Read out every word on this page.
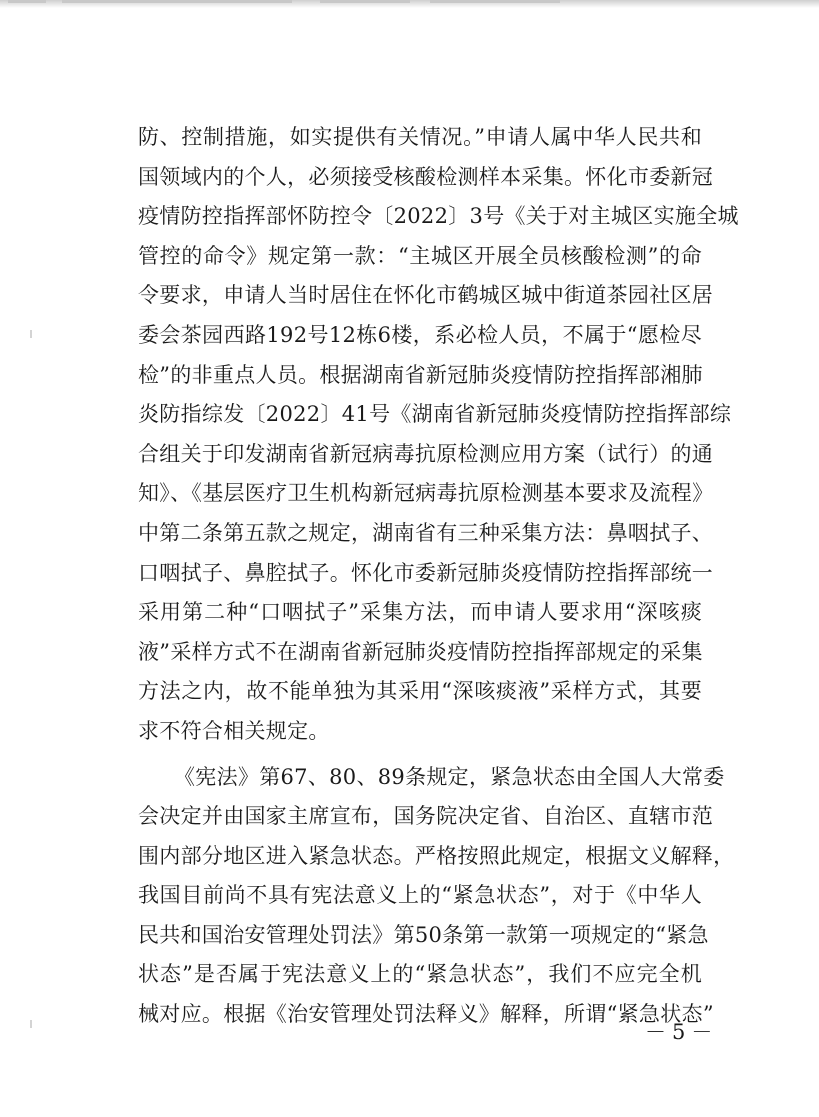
防、控制措施，如实提供有关情况。”申请人属中华人民共和
国领域内的个人，必须接受核酸检测样本采集。怀化市委新冠
疫情防控指挥部怀防控令〔2022〕3号《关于对主城区实施全城
管控的命令》规定第一款：“主城区开展全员核酸检测”的命
令要求，申请人当时居住在怀化市鹤城区城中街道茶园社区居
委会茶园西路192号12栋6楼，系必检人员，不属于“愿检尽
检”的非重点人员。根据湖南省新冠肺炎疫情防控指挥部湘肺
炎防指综发〔2022〕41号《湖南省新冠肺炎疫情防控指挥部综
合组关于印发湖南省新冠病毒抗原检测应用方案（试行）的通
知》、《基层医疗卫生机构新冠病毒抗原检测基本要求及流程》
中第二条第五款之规定，湖南省有三种采集方法：鼻咽拭子、
口咽拭子、鼻腔拭子。怀化市委新冠肺炎疫情防控指挥部统一
采用第二种“口咽拭子”采集方法，而申请人要求用“深咳痰
液”采样方式不在湖南省新冠肺炎疫情防控指挥部规定的采集
方法之内，故不能单独为其采用“深咳痰液”采样方式，其要
求不符合相关规定。
《宪法》第67、80、89条规定，紧急状态由全国人大常委
会决定并由国家主席宣布，国务院决定省、自治区、直辖市范
围内部分地区进入紧急状态。严格按照此规定，根据文义解释，
我国目前尚不具有宪法意义上的“紧急状态”，对于《中华人
民共和国治安管理处罚法》第50条第一款第一项规定的“紧急
状态”是否属于宪法意义上的“紧急状态”，我们不应完全机
械对应。根据《治安管理处罚法释义》解释，所谓“紧急状态”
－5－
